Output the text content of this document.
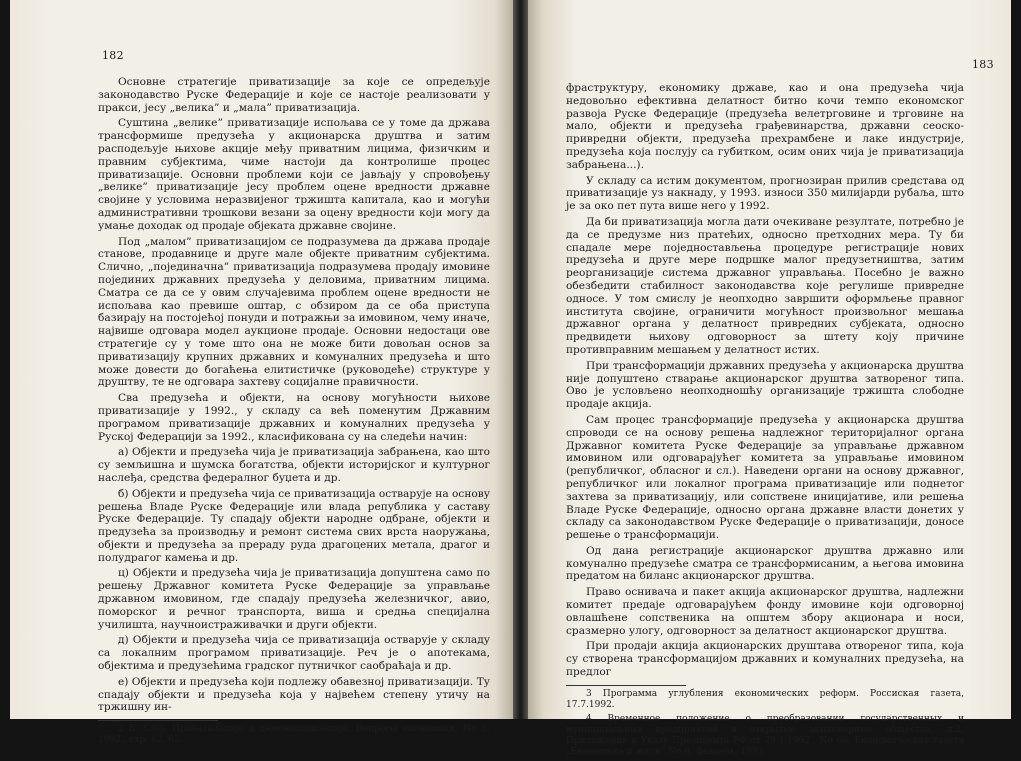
182

Основне стратегије приватизације за које се опредељује законодавство Руске Федерације и које се настоје реализовати у пракси, јесу „велика” и „мала” приватизација.

Суштина „велике” приватизације испољава се у томе да држава трансформише предузећа у акционарска друштва и затим расподељује њихове акције међу приватним лицима, физичким и правним субјектима, чиме настоји да контролише процес приватизације. Основни проблеми који се јављају у спровођењу „велике” приватизације јесу проблем оцене вредности државне својине у условима неразвијеног тржишта капитала, као и могући административни трошкови везани за оцену вредности који могу да умање доходак од продаје објеката државне својине.

Под „малом” приватизацијом се подразумева да држава продаје станове, продавнице и друге мале објекте приватним субјектима. Слично, „појединачна” приватизација подразумева продају имовине појединих државних предузећа у деловима, приватним лицима. Сматра се да се у овим случајевима проблем оцене вредности не испољава као превише оштар, с обзиром да се оба приступа базирају на постојећој понуди и потражњи за имовином, чему иначе, највише одговара модел аукционе продаје. Основни недостаци ове стратегије су у томе што она не може бити довољан основ за приватизацију крупних државних и комуналних предузећа и што може довести до богаћења елитистичке (руководеће) структуре у друштву, те не одговара захтеву социјалне правичности.

Сва предузећа и објекти, на основу могућности њихове приватизације у 1992., у складу са већ поменутим Државним програмом приватизације државних и комуналних предузећа у Руској Федерацији за 1992., класификована су на следећи начин:

а) Објекти и предузећа чија је приватизација забрањена, као што су земљишна и шумска богатства, објекти историјског и културног наслеђа, средства федералног буџета и др.

б) Објекти и предузећа чија се приватизација остварује на основу решења Владе Руске Федерације или влада република у саставу Руске Федерације. Ту спадају објекти народне одбране, објекти и предузећа за производњу и ремонт система свих врста наоружања, објекти и предузећа за прераду руда драгоцених метала, драгог и полудрагог камења и др.

ц) Објекти и предузећа чија је приватизација допуштена само по решењу Државног комитета Руске Федерације за управљање државном имовином, где спадају предузећа железничког, авио, поморског и речног транспорта, виша и средња специјална училишта, научноистраживачки и други објекти.

д) Објекти и предузећа чија се приватизација остварује у складу са локалним програмом приватизације. Реч је о апотекама, објектима и предузећима градског путничког саобраћаја и др.

е) Објекти и предузећа који подлежу обавезној приватизацији. Ту спадају објекти и предузећа која у највећем степену утичу на тржишну ин-

2 Б. Слеј, Приватизација и демонополизација, Вопросы економики, No 3, 1992., стр. 62, 63.

183

фраструктуру, економику државе, као и она предузећа чија недовољно ефективна делатност битно кочи темпо економског развоја Руске Федерације (предузећа велетрговине и трговине на мало, објекти и предузећа грађевинарства, државни сеоско-привредни објекти, предузећа прехрамбене и лаке индустрије, предузећа која послују са губитком, осим оних чија је приватизација забрањена...).

У складу са истим документом, прогнозиран прилив средстава од приватизације уз накнаду, у 1993. износи 350 милијарди рубаља, што је за око пет пута више него у 1992.

Да би приватизација могла дати очекиване резултате, потребно је да се предузме низ пратећих, односно претходних мера. Ту би спадале мере поједностављења процедуре регистрације нових предузећа и друге мере подршке малог предузетништва, затим реорганизације система државног управљања. Посебно је важно обезбедити стабилност законодавства које регулише привредне односе. У том смислу је неопходно завршити оформљење правног инститyта својине, ограничити могућност произвољног мешања државног органа у делатност привредних субјеката, односно предвидети њихову одговорност за штету коју причине противправним мешањем у делатност истих.

При трансформацији државних предузећа у акционарска друштва није допуштено стварање акционарског друштва затвореног типа. Ово је условљено неопходношћу организације тржишта слободне продаје акција.

Сам процес трансформације предузећа у акционарска друштва спроводи се на основу решења надлежног територијалног органа Државног комитета Руске Федерације за управљање државном имовином или одговарајућег комитета за управљање имовином (републичког, обласног и сл.). Наведени органи на основу државног, републичког или локалног програма приватизације или поднетог захтева за приватизацију, или сопствене иницијативе, или решења Владе Руске Федерације, односно органа државне власти донетих у складу са законодавством Руске Федерације о приватизацији, доносе решење о трансформацији.

Од дана регистрације акционарског друштва државно или комунално предузеће сматра се трансформисаним, а његова имовина предатом на биланс акционарског друштва.

Право оснивача и пакет акција акционарског друштва, надлежни комитет предаје одговарајућем фонду имовине који одговорној овлашћене сопственика на општем збору акционара и носи, сразмерно улогу, одговорност за делатност акционарског друштва.

При продаји акција акционарских друштава отвореног типа, која су створена трансформацијом државних и комуналних предузећа, на предлог

3 Программа углубления економических реформ. Россиская газета, 17.7.1992.

4 Временное положение о преобразовании государственных и муниципальных предприятий в открытые акционерные общества, п.2, Приложение к Указу Президента РФ от 29.1.1992., No 66, Економическая газета „Економика и жизн” No 8, февраль, 1992.
